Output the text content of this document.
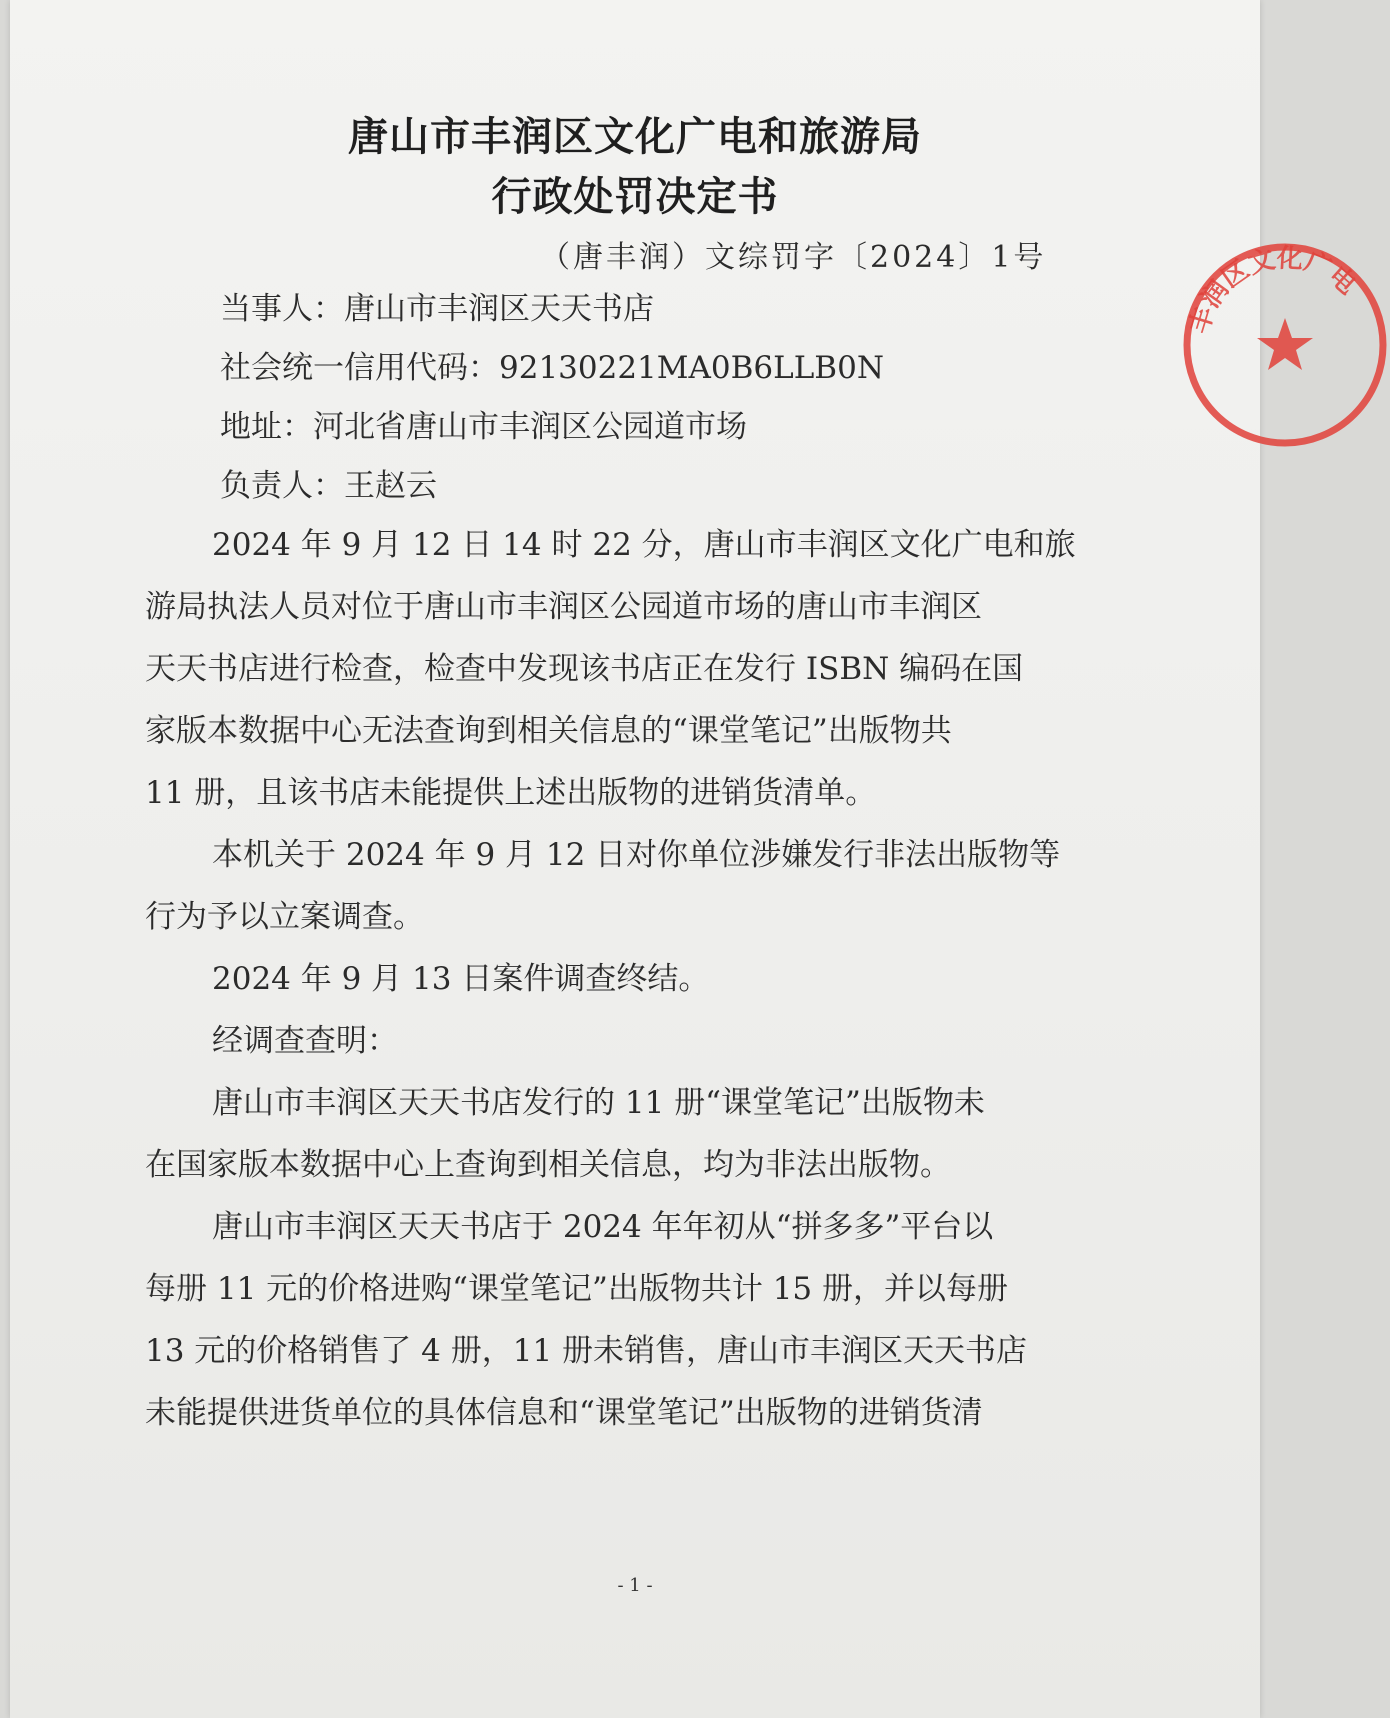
唐山市丰润区文化广电和旅游局
行政处罚决定书
（唐丰润）文综罚字〔2024〕1号
当事人：唐山市丰润区天天书店
社会统一信用代码：92130221MA0B6LLB0N
地址：河北省唐山市丰润区公园道市场
负责人：王赵云
2024 年 9 月 12 日 14 时 22 分，唐山市丰润区文化广电和旅
游局执法人员对位于唐山市丰润区公园道市场的唐山市丰润区
天天书店进行检查，检查中发现该书店正在发行 ISBN 编码在国
家版本数据中心无法查询到相关信息的“课堂笔记”出版物共
11 册，且该书店未能提供上述出版物的进销货清单。
本机关于 2024 年 9 月 12 日对你单位涉嫌发行非法出版物等
行为予以立案调查。
2024 年 9 月 13 日案件调查终结。
经调查查明：
唐山市丰润区天天书店发行的 11 册“课堂笔记”出版物未
在国家版本数据中心上查询到相关信息，均为非法出版物。
唐山市丰润区天天书店于 2024 年年初从“拼多多”平台以
每册 11 元的价格进购“课堂笔记”出版物共计 15 册，并以每册
13 元的价格销售了 4 册，11 册未销售，唐山市丰润区天天书店
未能提供进货单位的具体信息和“课堂笔记”出版物的进销货清
- 1 -
丰润区文化广电
